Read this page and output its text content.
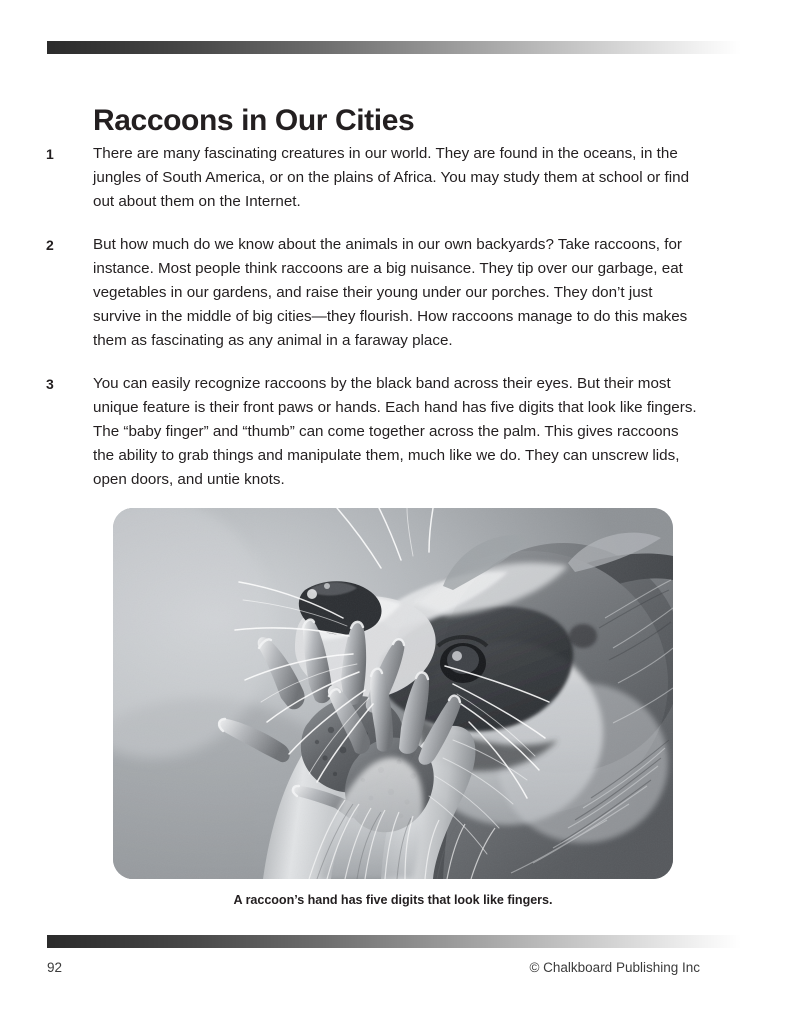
Raccoons in Our Cities
1	There are many fascinating creatures in our world. They are found in the oceans, in the jungles of South America, or on the plains of Africa. You may study them at school or find out about them on the Internet.
2	But how much do we know about the animals in our own backyards? Take raccoons, for instance. Most people think raccoons are a big nuisance. They tip over our garbage, eat vegetables in our gardens, and raise their young under our porches. They don’t just survive in the middle of big cities—they flourish. How raccoons manage to do this makes them as fascinating as any animal in a faraway place.
3	You can easily recognize raccoons by the black band across their eyes. But their most unique feature is their front paws or hands. Each hand has five digits that look like fingers. The “baby finger” and “thumb” can come together across the palm. This gives raccoons the ability to grab things and manipulate them, much like we do. They can unscrew lids, open doors, and untie knots.
A raccoon’s hand has five digits that look like fingers.
92	© Chalkboard Publishing Inc
